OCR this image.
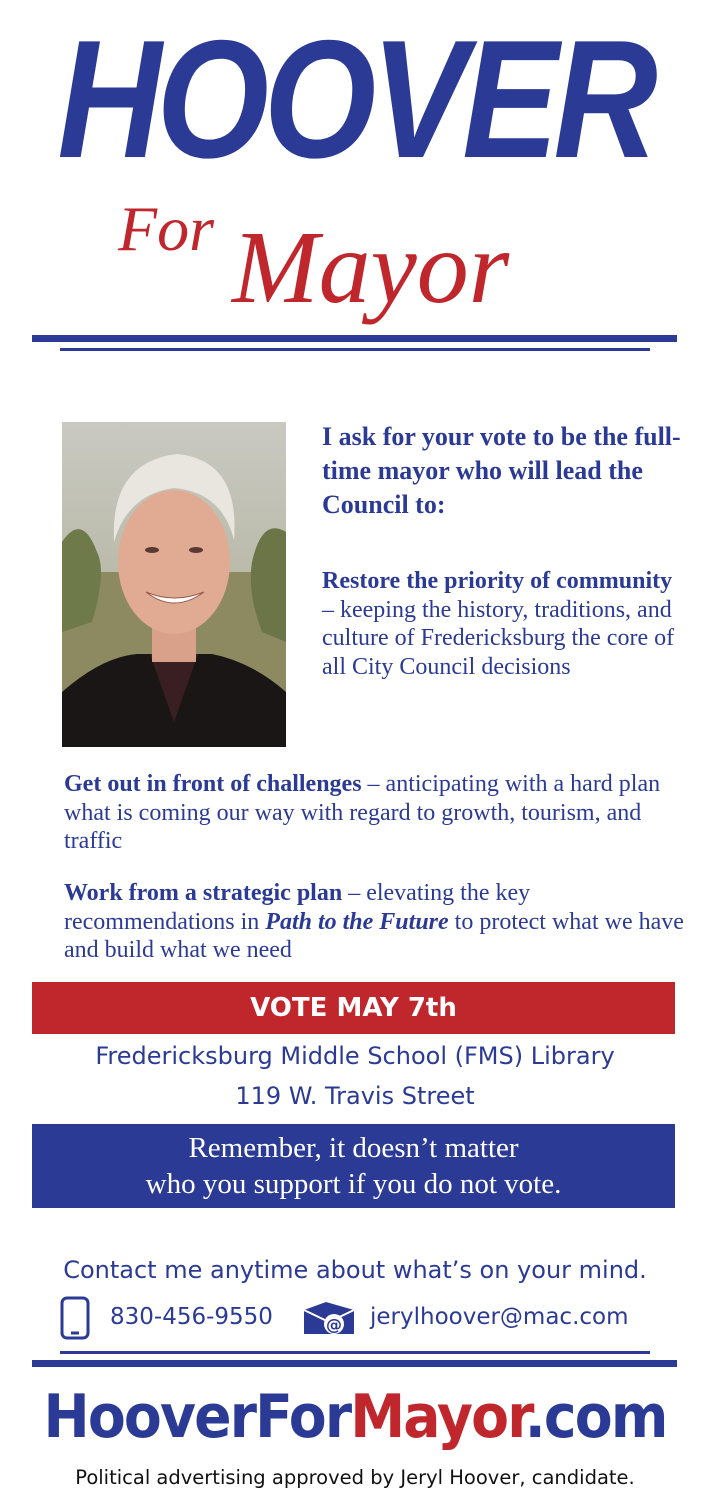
HOOVER
For Mayor
I ask for your vote to be the full-time mayor who will lead the Council to:
Restore the priority of community – keeping the history, traditions, and culture of Fredericksburg the core of all City Council decisions
Get out in front of challenges – anticipating with a hard plan what is coming our way with regard to growth, tourism, and traffic
Work from a strategic plan – elevating the key recommendations in Path to the Future to protect what we have and build what we need
VOTE MAY 7th
Fredericksburg Middle School (FMS) Library
119 W. Travis Street
Remember, it doesn’t matter
who you support if you do not vote.
Contact me anytime about what’s on your mind.
830-456-9550	@ jerylhoover@mac.com
HooverForMayor.com
Political advertising approved by Jeryl Hoover, candidate.
